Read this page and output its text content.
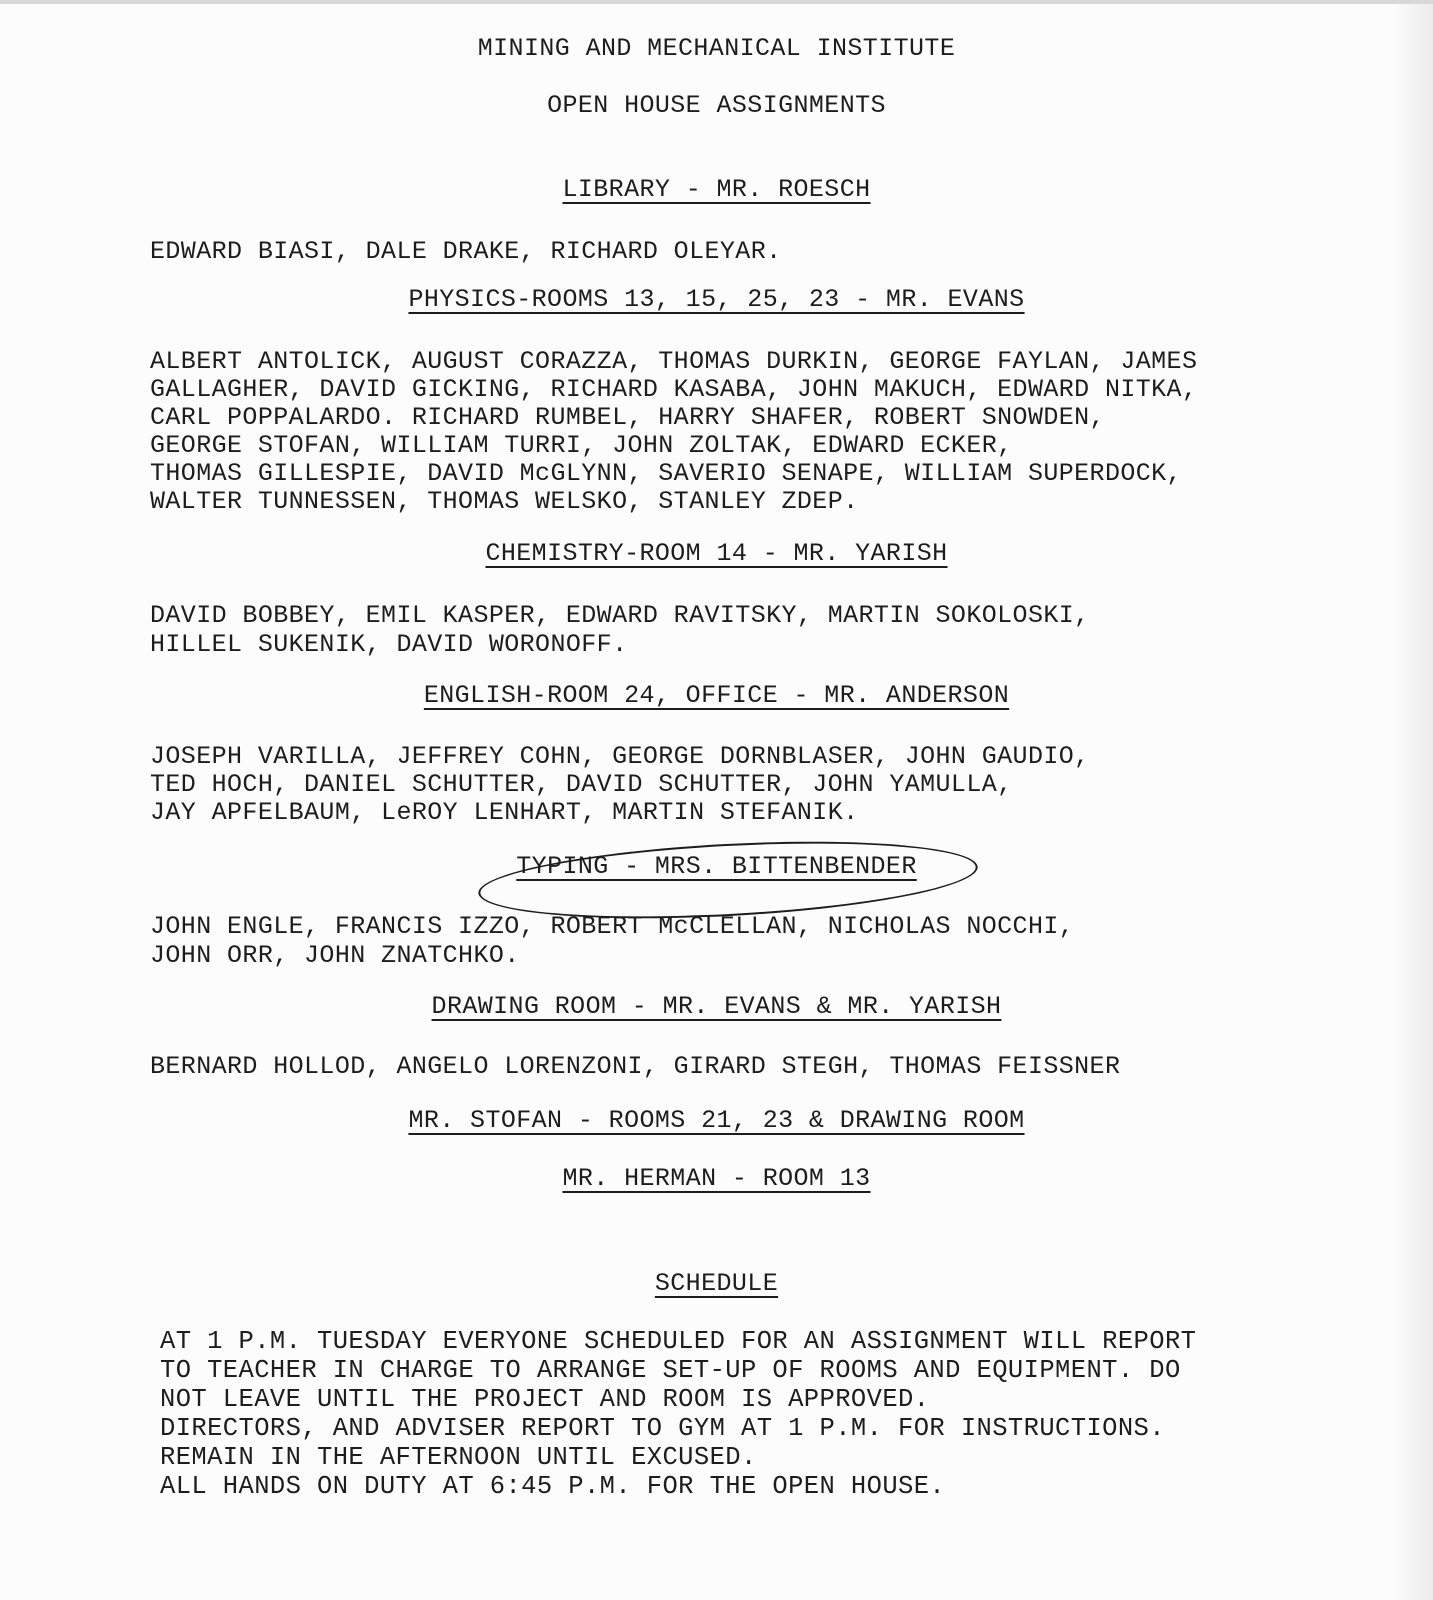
MINING AND MECHANICAL INSTITUTE
OPEN HOUSE ASSIGNMENTS
LIBRARY - MR. ROESCH
EDWARD BIASI, DALE DRAKE, RICHARD OLEYAR.
PHYSICS-ROOMS 13, 15, 25, 23 - MR. EVANS
ALBERT ANTOLICK, AUGUST CORAZZA, THOMAS DURKIN, GEORGE FAYLAN, JAMES
GALLAGHER, DAVID GICKING, RICHARD KASABA, JOHN MAKUCH, EDWARD NITKA,
CARL POPPALARDO. RICHARD RUMBEL, HARRY SHAFER, ROBERT SNOWDEN,
GEORGE STOFAN, WILLIAM TURRI, JOHN ZOLTAK, EDWARD ECKER,
THOMAS GILLESPIE, DAVID McGLYNN, SAVERIO SENAPE, WILLIAM SUPERDOCK,
WALTER TUNNESSEN, THOMAS WELSKO, STANLEY ZDEP.
CHEMISTRY-ROOM 14 - MR. YARISH
DAVID BOBBEY, EMIL KASPER, EDWARD RAVITSKY, MARTIN SOKOLOSKI,
HILLEL SUKENIK, DAVID WORONOFF.
ENGLISH-ROOM 24, OFFICE - MR. ANDERSON
JOSEPH VARILLA, JEFFREY COHN, GEORGE DORNBLASER, JOHN GAUDIO,
TED HOCH, DANIEL SCHUTTER, DAVID SCHUTTER, JOHN YAMULLA,
JAY APFELBAUM, LeROY LENHART, MARTIN STEFANIK.
TYPING - MRS. BITTENBENDER
JOHN ENGLE, FRANCIS IZZO, ROBERT McCLELLAN, NICHOLAS NOCCHI,
JOHN ORR, JOHN ZNATCHKO.
DRAWING ROOM - MR. EVANS & MR. YARISH
BERNARD HOLLOD, ANGELO LORENZONI, GIRARD STEGH, THOMAS FEISSNER
MR. STOFAN - ROOMS 21, 23 & DRAWING ROOM
MR. HERMAN - ROOM 13
SCHEDULE
AT 1 P.M. TUESDAY EVERYONE SCHEDULED FOR AN ASSIGNMENT WILL REPORT
TO TEACHER IN CHARGE TO ARRANGE SET-UP OF ROOMS AND EQUIPMENT. DO
NOT LEAVE UNTIL THE PROJECT AND ROOM IS APPROVED.
DIRECTORS, AND ADVISER REPORT TO GYM AT 1 P.M. FOR INSTRUCTIONS.
REMAIN IN THE AFTERNOON UNTIL EXCUSED.
ALL HANDS ON DUTY AT 6:45 P.M. FOR THE OPEN HOUSE.
